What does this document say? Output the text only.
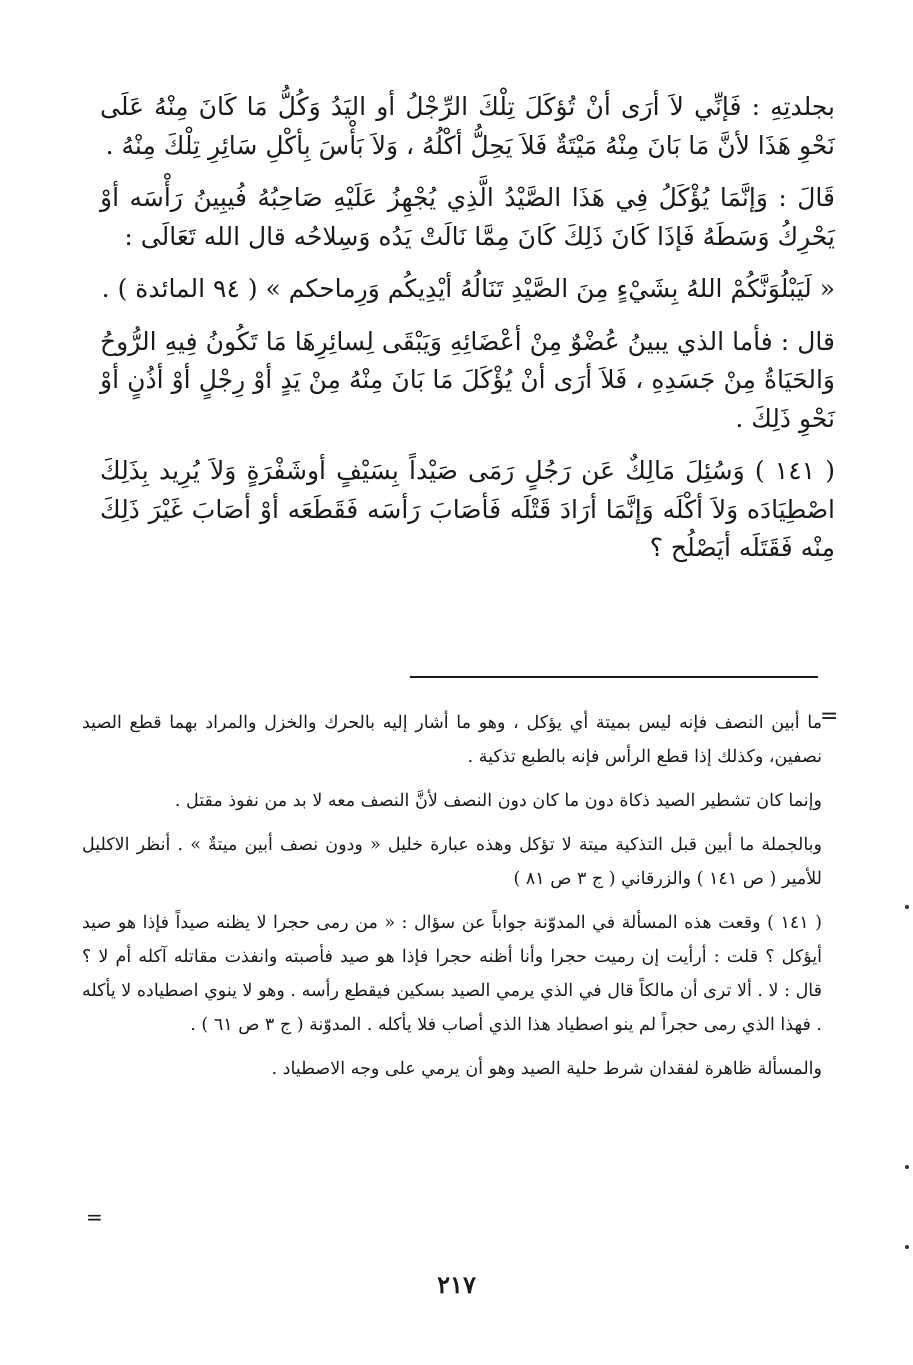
بجلدتِهِ : فَإنِّي لاَ أرَى أنْ تُؤكَلَ تِلْكَ الرِّجْلُ أو اليَدُ وَكُلُّ مَا كَانَ مِنْهُ عَلَى نَحْوِ هَذَا لأنَّ مَا بَانَ مِنْهُ مَيْتَةٌ فَلاَ يَحِلُّ أكْلُهُ ، وَلاَ بَأْسَ بِأكْلِ سَائِرِ تِلْكَ مِنْهُ .

قَالَ : وَإنَّمَا يُؤْكَلُ فِي هَذَا الصَّيْدُ الَّذِي يُجْهِزُ عَلَيْهِ صَاحِبُهُ فُيبِينُ رَأْسَه أوْ يَحْرِكُ وَسَطَهُ فَإذَا كَانَ ذَلِكَ كَانَ مِمَّا نَالَتْ يَدُه وَسِلاحُه قال الله تَعَالَى :

« لَيَبْلُوَنَّكُمْ اللهُ بِشَيْءٍ مِنَ الصَّيْدِ تَنَالُهُ أيْدِيكُم وَرِماحكم » ( ٩٤ المائدة ) .

قال : فأما الذي يبينُ عُضْوٌ مِنْ أعْضَائِهِ وَيَبْقَى لِسائِرِهَا مَا تَكُونُ فِيهِ الرُّوحُ وَالحَيَاةُ مِنْ جَسَدِهِ ، فَلاَ أرَى أنْ يُؤْكَلَ مَا بَانَ مِنْهُ مِنْ يَدٍ أوْ رِجْلٍ أوْ أذُنٍ أوْ نَحْوِ ذَلِكَ .

( ١٤١ ) وَسُئِلَ مَالِكٌ عَن رَجُلٍ رَمَى صَيْداً بِسَيْفٍ أوشَفْرَةٍ وَلاَ يُرِيد بِذَلِكَ اصْطِيَادَه وَلاَ أكْلَه وَإنَّمَا أرَادَ قَتْلَه فَأصَابَ رَأسَه فَقَطَعَه أوْ أصَابَ غَيْرَ ذَلِكَ مِنْه فَقَتَلَه أيَصْلُح ؟

=

ما أبين النصف فإنه ليس بميتة أي يؤكل ، وهو ما أشار إليه بالحرك والخزل والمراد بهما قطع الصيد نصفين، وكذلك إذا قطع الرأس فإنه بالطبع تذكية .

وإنما كان تشطير الصيد ذكاة دون ما كان دون النصف لأنَّ النصف معه لا بد من نفوذ مقتل .

وبالجملة ما أبين قبل التذكية ميتة لا تؤكل وهذه عبارة خليل « ودون نصف أبين ميتةٌ » . أنظر الاكليل للأمير ( ص ١٤١ ) والزرقاني ( ج ٣ ص ٨١ )

( ١٤١ ) وقعت هذه المسألة في المدوّنة جواباً عن سؤال : « من رمى حجرا لا يظنه صيداً فإذا هو صيد أيؤكل ؟ قلت : أرأيت إن رميت حجرا وأنا أظنه حجرا فإذا هو صيد فأصبته وانفذت مقاتله آكله أم لا ؟ قال : لا . ألا ترى أن مالكاً قال في الذي يرمي الصيد بسكين فيقطع رأسه . وهو لا ينوي اصطياده لا يأكله . فهذا الذي رمى حجراً لم ينو اصطياد هذا الذي أصاب فلا يأكله . المدوّنة ( ج ٣ ص ٦١ ) .

والمسألة ظاهرة لفقدان شرط حلية الصيد وهو أن يرمي على وجه الاصطياد .

=
٢١٧
